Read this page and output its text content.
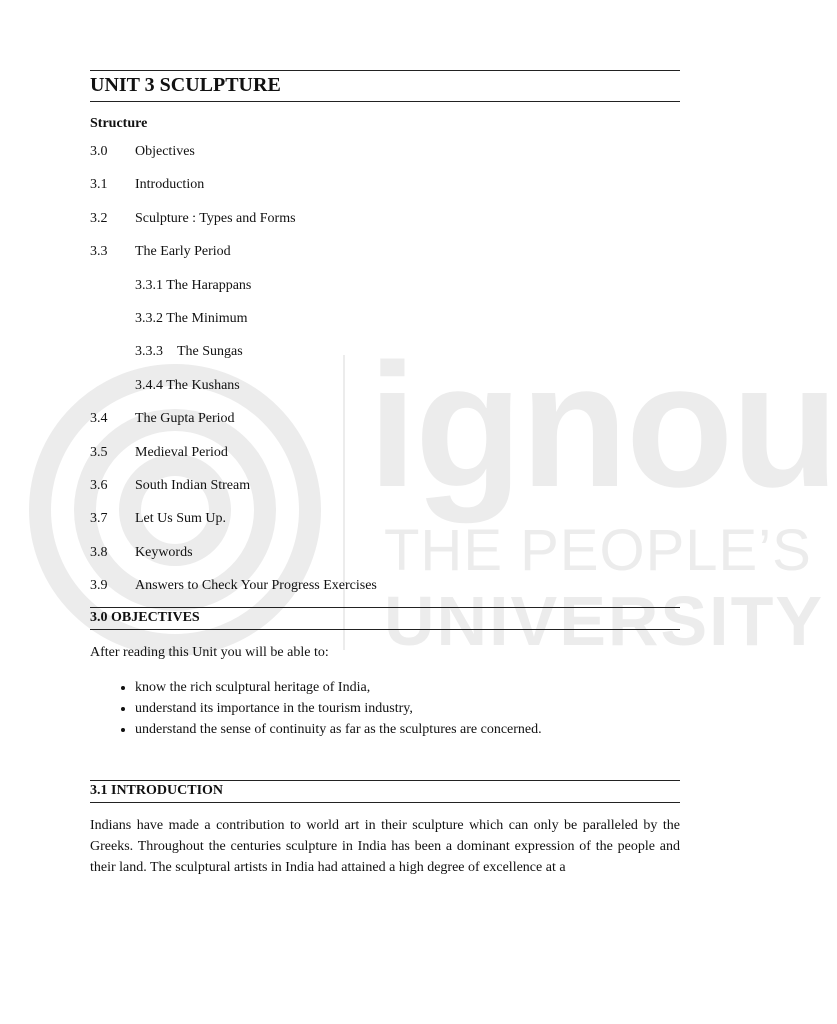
ignou
THE PEOPLE’S
UNIVERSITY
UNIT 3 SCULPTURE
Structure
3.0	Objectives
3.1	Introduction
3.2	Sculpture : Types and Forms
3.3	The Early Period
3.3.1 The Harappans
3.3.2 The Minimum
3.3.3    The Sungas
3.4.4 The Kushans
3.4	The Gupta Period
3.5	Medieval Period
3.6	South Indian Stream
3.7	Let Us Sum Up.
3.8	Keywords
3.9	Answers to Check Your Progress Exercises
3.0 OBJECTIVES

After reading this Unit you will be able to:

• know the rich sculptural heritage of India,
• understand its importance in the tourism industry,
• understand the sense of continuity as far as the sculptures are concerned.
3.1 INTRODUCTION

Indians have made a contribution to world art in their sculpture which can only be paralleled by the Greeks. Throughout the centuries sculpture in India has been a dominant expression of the people and their land. The sculptural artists in India had attained a high degree of excellence at a
